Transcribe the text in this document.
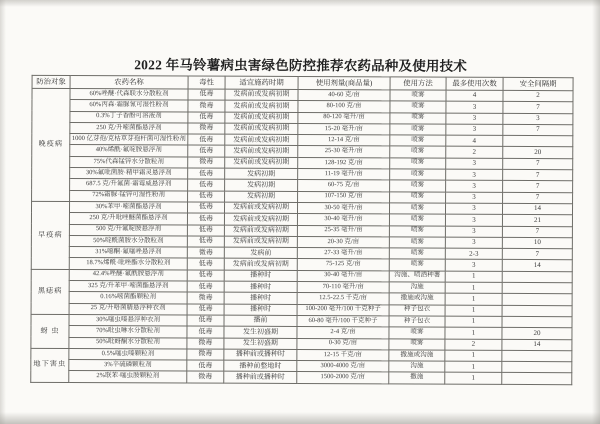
2022 年马铃薯病虫害绿色防控推荐农药品种及使用技术
防治对象	农药名称	毒性	适宜施药时期	使用剂量(商品量)	使用方法	最多使用次数	安全间隔期
晚疫病	60%唑醚·代森联水分散粒剂	低毒	发病前或发病初期	40-60 克/亩	喷雾	4	2
	60%丙森·霜脲氰可湿性粉剂	微毒	发病前或发病初期	80-100 克/亩	喷雾	3	7
	0.3%丁子香酚可溶液剂	低毒	发病前或发病初期	80-120 毫升/亩	喷雾	3	3
	250 克/升嘧菌酯悬浮剂	微毒	发病前或发病初期	15-20 毫升/亩	喷雾	3	7
	1000 亿芽孢/克枯草芽孢杆菌可湿性粉剂	低毒	发病前或发病初期	12-14 克/亩	喷雾	4	
	40%烯酰·氟啶胺悬浮剂	低毒	发病前或发病初期	25-30 毫升/亩	喷雾	2	20
	75%代森锰锌水分散粒剂	微毒	发病前或发病初期	128-192 克/亩	喷雾	3	7
	30%氟吡菌胺·精甲霜灵悬浮剂	低毒	发病初期	11-19 毫升/亩	喷雾	3	7
	687.5 克/升氟菌·霜霉威悬浮剂	低毒	发病初期	60-75 克/亩	喷雾	3	7
	72%霜脲·锰锌可湿性粉剂	低毒	发病初期	107-150 克/亩	喷雾	3	7
早疫病	30%苯甲·嘧菌酯悬浮剂	低毒	发病前或发病初期	30-50 毫升/亩	喷雾	3	14
	250 克/升吡唑醚菌酯悬浮剂	低毒	发病前或发病初期	30-40 毫升/亩	喷雾	3	21
	500 克/升氟啶胺悬浮剂	低毒	发病前或发病初期	25-35 毫升/亩	喷雾	3	7
	50%啶酰菌胺水分散粒剂	低毒	发病前或发病初期	20-30 克/亩	喷雾	3	10
	31%噁酮·氟噻唑悬浮剂	微毒	发病前	27-33 毫升/亩	喷雾	2-3	7
	18.7%烯酰·吡唑酯水分散粒剂	低毒	发病前或发病初期	75-125 克/亩	喷雾	3	14
黑痣病	42.4%唑醚·氟酰胺悬浮剂	低毒	播种时	30-40 毫升/亩	沟施、喷洒种薯	1	
	325 克/升苯甲·嘧菌酯悬浮剂	低毒	播种时	70-110 毫升/亩	沟施	1	
	0.16%嘧菌酯颗粒剂	微毒	播种时	12.5-22.5 千克/亩	撒施或沟施	1	
	25 克/升咯菌腈悬浮种衣剂	低毒	播种时	100-200 毫升/100 千克种子	种子包衣	1	
蚜 虫	30%噻虫嗪悬浮种衣剂	低毒	播前	60-80 毫升/100 千克种子	种子包衣	1	
	70%吡虫啉水分散粒剂	低毒	发生初盛期	2-4 克/亩	喷雾	1	20
	50%吡蚜酮水分散粒剂	微毒	发生初盛期	0-30 克/亩	喷雾	2	14
地下害虫	0.5%噻虫嗪颗粒剂	微毒	播种前或播种时	12-15 千克/亩	撒施或沟施	1	
	3%辛硫磷颗粒剂	低毒	播种前整地时	3000-4000 克/亩	沟施	1	
	2%联苯·噻虫胺颗粒剂	微毒	播种前或播种时	1500-2000 克/亩	撒施	1	
